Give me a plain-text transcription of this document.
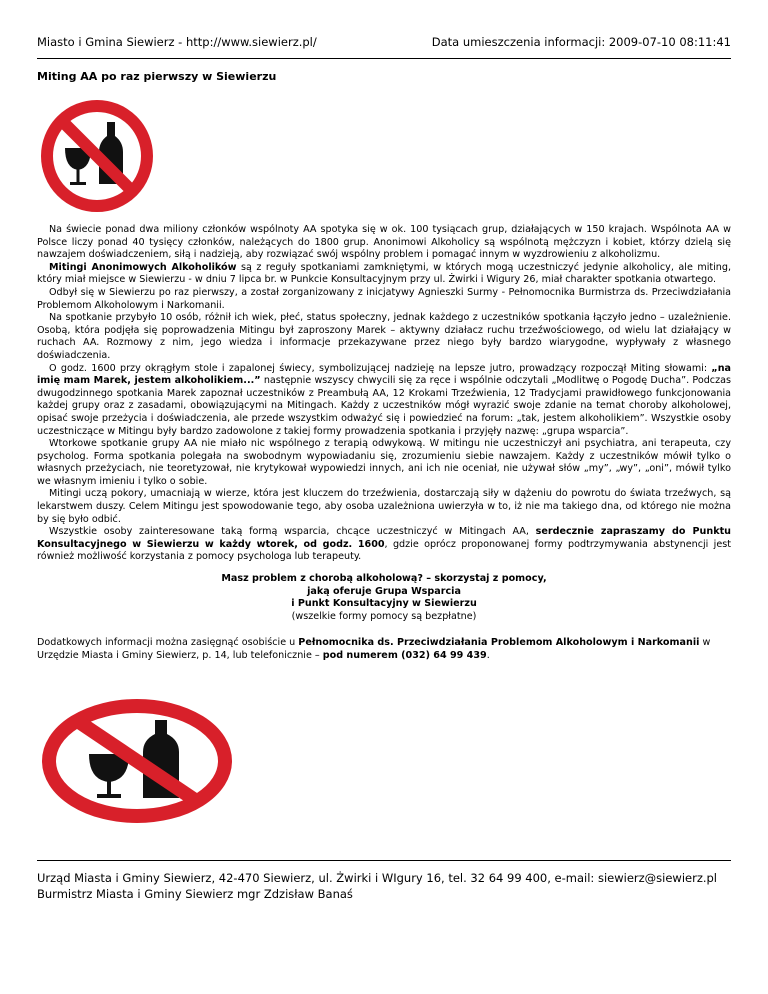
Miasto i Gmina Siewierz - http://www.siewierz.pl/	Data umieszczenia informacji: 2009-07-10 08:11:41
Miting AA po raz pierwszy w Siewierzu

Na świecie ponad dwa miliony członków wspólnoty AA spotyka się w ok. 100 tysiącach grup, działających w 150 krajach. Wspólnota AA w Polsce liczy ponad 40 tysięcy członków, należących do 1800 grup. Anonimowi Alkoholicy są wspólnotą mężczyzn i kobiet, którzy dzielą się nawzajem doświadczeniem, siłą i nadzieją, aby rozwiązać swój wspólny problem i pomagać innym w wyzdrowieniu z alkoholizmu.

Mitingi Anonimowych Alkoholików są z reguły spotkaniami zamkniętymi, w których mogą uczestniczyć jedynie alkoholicy, ale miting, który miał miejsce w Siewierzu - w dniu 7 lipca br. w Punkcie Konsultacyjnym przy ul. Żwirki i Wigury 26, miał charakter spotkania otwartego.

Odbył się w Siewierzu po raz pierwszy, a został zorganizowany z inicjatywy Agnieszki Surmy - Pełnomocnika Burmistrza ds. Przeciwdziałania Problemom Alkoholowym i Narkomanii.

Na spotkanie przybyło 10 osób, różnił ich wiek, płeć, status społeczny, jednak każdego z uczestników spotkania łączyło jedno – uzależnienie. Osobą, która podjęła się poprowadzenia Mitingu był zaproszony Marek – aktywny działacz ruchu trzeźwościowego, od wielu lat działający w ruchach AA. Rozmowy z nim, jego wiedza i informacje przekazywane przez niego były bardzo wiarygodne, wypływały z własnego doświadczenia.

O godz. 1600 przy okrągłym stole i zapalonej świecy, symbolizującej nadzieję na lepsze jutro, prowadzący rozpoczął Miting słowami: „na imię mam Marek, jestem alkoholikiem...” następnie wszyscy chwycili się za ręce i wspólnie odczytali „Modlitwę o Pogodę Ducha”. Podczas dwugodzinnego spotkania Marek zapoznał uczestników z Preambułą AA, 12 Krokami Trzeźwienia, 12 Tradycjami prawidłowego funkcjonowania każdej grupy oraz z zasadami, obowiązującymi na Mitingach. Każdy z uczestników mógł wyrazić swoje zdanie na temat choroby alkoholowej, opisać swoje przeżycia i doświadczenia, ale przede wszystkim odważyć się i powiedzieć na forum: „tak, jestem alkoholikiem”. Wszystkie osoby uczestniczące w Mitingu były bardzo zadowolone z takiej formy prowadzenia spotkania i przyjęły nazwę: „grupa wsparcia”.

Wtorkowe spotkanie grupy AA nie miało nic wspólnego z terapią odwykową. W mitingu nie uczestniczył ani psychiatra, ani terapeuta, czy psycholog. Forma spotkania polegała na swobodnym wypowiadaniu się, zrozumieniu siebie nawzajem. Każdy z uczestników mówił tylko o własnych przeżyciach, nie teoretyzował, nie krytykował wypowiedzi innych, ani ich nie oceniał, nie używał słów „my”, „wy”, „oni”, mówił tylko we własnym imieniu i tylko o sobie.

Mitingi uczą pokory, umacniają w wierze, która jest kluczem do trzeźwienia, dostarczają siły w dążeniu do powrotu do świata trzeźwych, są lekarstwem duszy. Celem Mitingu jest spowodowanie tego, aby osoba uzależniona uwierzyła w to, iż nie ma takiego dna, od którego nie można by się było odbić.

Wszystkie osoby zainteresowane taką formą wsparcia, chcące uczestniczyć w Mitingach AA, serdecznie zapraszamy do Punktu Konsultacyjnego w Siewierzu w każdy wtorek, od godz. 1600, gdzie oprócz proponowanej formy podtrzymywania abstynencji jest również możliwość korzystania z pomocy psychologa lub terapeuty.

Masz problem z chorobą alkoholową? – skorzystaj z pomocy,
jaką oferuje Grupa Wsparcia
i Punkt Konsultacyjny w Siewierzu
(wszelkie formy pomocy są bezpłatne)
Dodatkowych informacji można zasięgnąć osobiście u Pełnomocnika ds. Przeciwdziałania Problemom Alkoholowym i Narkomanii w Urzędzie Miasta i Gminy Siewierz, p. 14, lub telefonicznie – pod numerem (032) 64 99 439.
Urząd Miasta i Gminy Siewierz, 42-470 Siewierz, ul. Żwirki i WIgury 16, tel. 32 64 99 400, e-mail: siewierz@siewierz.pl
Burmistrz Miasta i Gminy Siewierz mgr Zdzisław Banaś
